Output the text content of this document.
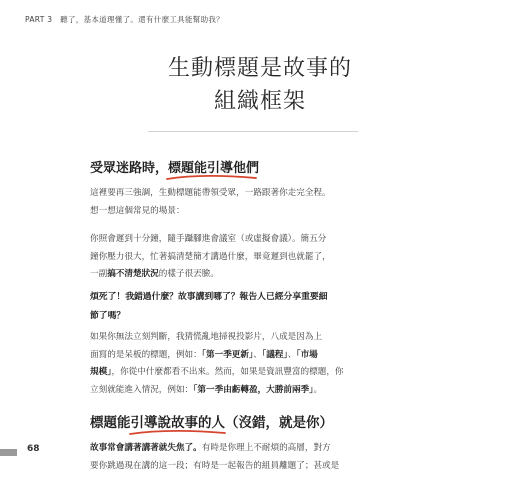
PART 3　聽了，基本道理懂了。還有什麼工具能幫助我？
生動標題是故事的
組織框架
受眾迷路時，標題能引導他們
這裡要再三強調，生動標題能帶領受眾，一路跟著你走完全程。
想一想這個常見的場景：
你照會遲到十分鐘，隨手躡腳進會議室（或虛擬會議）。簡五分
鐘你壓力很大，忙著搞清楚簡才講過什麼，畢竟遲到也就罷了，
一副搞不清楚狀況的樣子很丟臉。
煩死了！我錯過什麼？故事講到哪了？報告人已經分享重要細
節了嗎？
如果你無法立刻判斷，我猜慌亂地掃視投影片，八成是因為上
面寫的是呆板的標題，例如：「第一季更新」、「議程」、「市場
規模」，你從中什麼都看不出來。然而，如果是資訊豐富的標題，你
立刻就能進入情況，例如：「第一季由虧轉盈，大勝前兩季」。
標題能引導說故事的人
（沒錯，就是你）
故事常會講著講著就失焦了。有時是你理上不耐煩的高層，對方
要你跳過現在講的這一段；有時是一起報告的組員離題了；甚或是
68
